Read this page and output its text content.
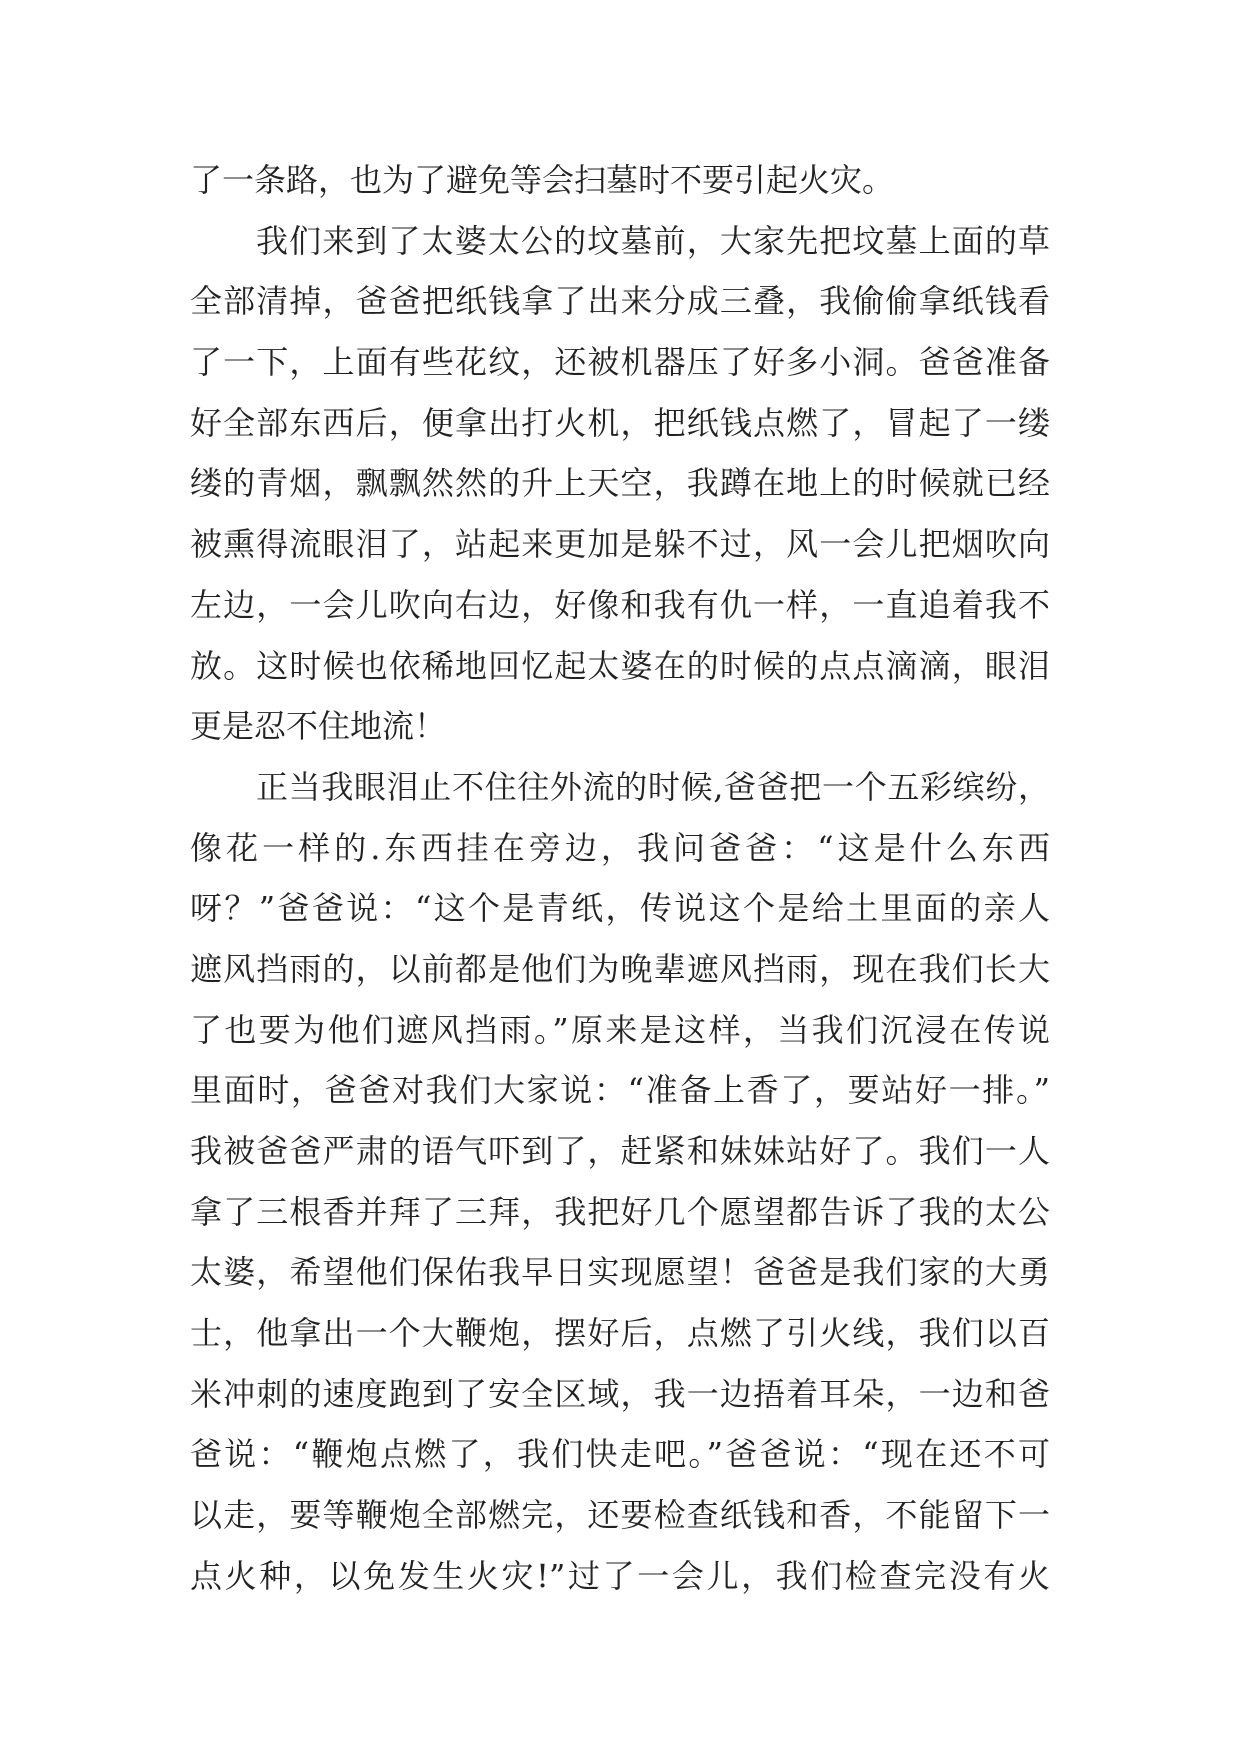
了一条路，也为了避免等会扫墓时不要引起火灾。
我们来到了太婆太公的坟墓前，大家先把坟墓上面的草
全部清掉，爸爸把纸钱拿了出来分成三叠，我偷偷拿纸钱看
了一下，上面有些花纹，还被机器压了好多小洞。爸爸准备
好全部东西后，便拿出打火机，把纸钱点燃了，冒起了一缕
缕的青烟，飘飘然然的升上天空，我蹲在地上的时候就已经
被熏得流眼泪了，站起来更加是躲不过，风一会儿把烟吹向
左边，一会儿吹向右边，好像和我有仇一样，一直追着我不
放。这时候也依稀地回忆起太婆在的时候的点点滴滴，眼泪
更是忍不住地流！
正当我眼泪止不住往外流的时候,爸爸把一个五彩缤纷，
像花一样的.东西挂在旁边，我问爸爸：“这是什么东西
呀？”爸爸说：“这个是青纸，传说这个是给土里面的亲人
遮风挡雨的，以前都是他们为晚辈遮风挡雨，现在我们长大
了也要为他们遮风挡雨。”原来是这样，当我们沉浸在传说
里面时，爸爸对我们大家说：“准备上香了，要站好一排。”
我被爸爸严肃的语气吓到了，赶紧和妹妹站好了。我们一人
拿了三根香并拜了三拜，我把好几个愿望都告诉了我的太公
太婆，希望他们保佑我早日实现愿望！爸爸是我们家的大勇
士，他拿出一个大鞭炮，摆好后，点燃了引火线，我们以百
米冲刺的速度跑到了安全区域，我一边捂着耳朵，一边和爸
爸说：“鞭炮点燃了，我们快走吧。”爸爸说：“现在还不可
以走，要等鞭炮全部燃完，还要检查纸钱和香，不能留下一
点火种，以免发生火灾!”过了一会儿，我们检查完没有火
